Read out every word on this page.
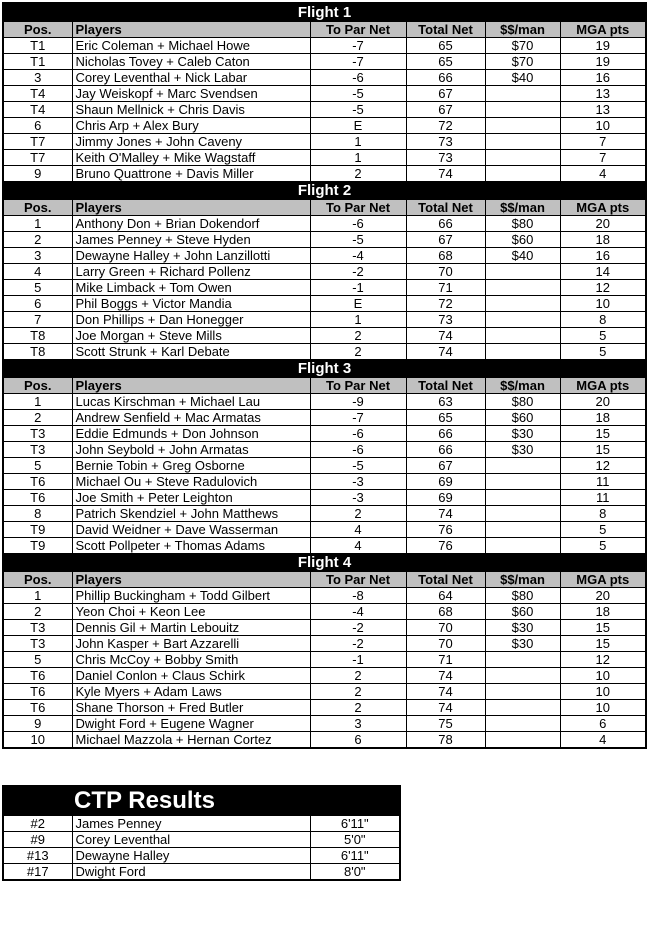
Flight 1					
Pos.	Players	To Par Net	Total Net	$$/man	MGA pts
T1	Eric Coleman + Michael Howe	-7	65	$70	19
T1	Nicholas Tovey + Caleb Caton	-7	65	$70	19
3	Corey Leventhal + Nick Labar	-6	66	$40	16
T4	Jay Weiskopf + Marc Svendsen	-5	67		13
T4	Shaun Mellnick + Chris Davis	-5	67		13
6	Chris Arp + Alex Bury	E	72		10
T7	Jimmy Jones + John Caveny	1	73		7
T7	Keith O'Malley + Mike Wagstaff	1	73		7
9	Bruno Quattrone + Davis Miller	2	74		4
Flight 2					
Pos.	Players	To Par Net	Total Net	$$/man	MGA pts
1	Anthony Don + Brian Dokendorf	-6	66	$80	20
2	James Penney + Steve Hyden	-5	67	$60	18
3	Dewayne Halley + John Lanzillotti	-4	68	$40	16
4	Larry Green + Richard Pollenz	-2	70		14
5	Mike Limback + Tom Owen	-1	71		12
6	Phil Boggs + Victor Mandia	E	72		10
7	Don Phillips + Dan Honegger	1	73		8
T8	Joe Morgan + Steve Mills	2	74		5
T8	Scott Strunk + Karl Debate	2	74		5
Flight 3					
Pos.	Players	To Par Net	Total Net	$$/man	MGA pts
1	Lucas Kirschman + Michael Lau	-9	63	$80	20
2	Andrew Senfield + Mac Armatas	-7	65	$60	18
T3	Eddie Edmunds + Don Johnson	-6	66	$30	15
T3	John Seybold + John Armatas	-6	66	$30	15
5	Bernie Tobin + Greg Osborne	-5	67		12
T6	Michael Ou + Steve Radulovich	-3	69		11
T6	Joe Smith + Peter Leighton	-3	69		11
8	Patrich Skendziel + John Matthews	2	74		8
T9	David Weidner + Dave Wasserman	4	76		5
T9	Scott Pollpeter + Thomas Adams	4	76		5
Flight 4					
Pos.	Players	To Par Net	Total Net	$$/man	MGA pts
1	Phillip Buckingham + Todd Gilbert	-8	64	$80	20
2	Yeon Choi + Keon Lee	-4	68	$60	18
T3	Dennis Gil + Martin Lebouitz	-2	70	$30	15
T3	John Kasper + Bart Azzarelli	-2	70	$30	15
5	Chris McCoy + Bobby Smith	-1	71		12
T6	Daniel Conlon + Claus Schirk	2	74		10
T6	Kyle Myers + Adam Laws	2	74		10
T6	Shane Thorson + Fred Butler	2	74		10
9	Dwight Ford + Eugene Wagner	3	75		6
10	Michael Mazzola + Hernan Cortez	6	78		4
CTP Results		
#2	James Penney	6'11"
#9	Corey Leventhal	5'0"
#13	Dewayne Halley	6'11"
#17	Dwight Ford	8'0"
